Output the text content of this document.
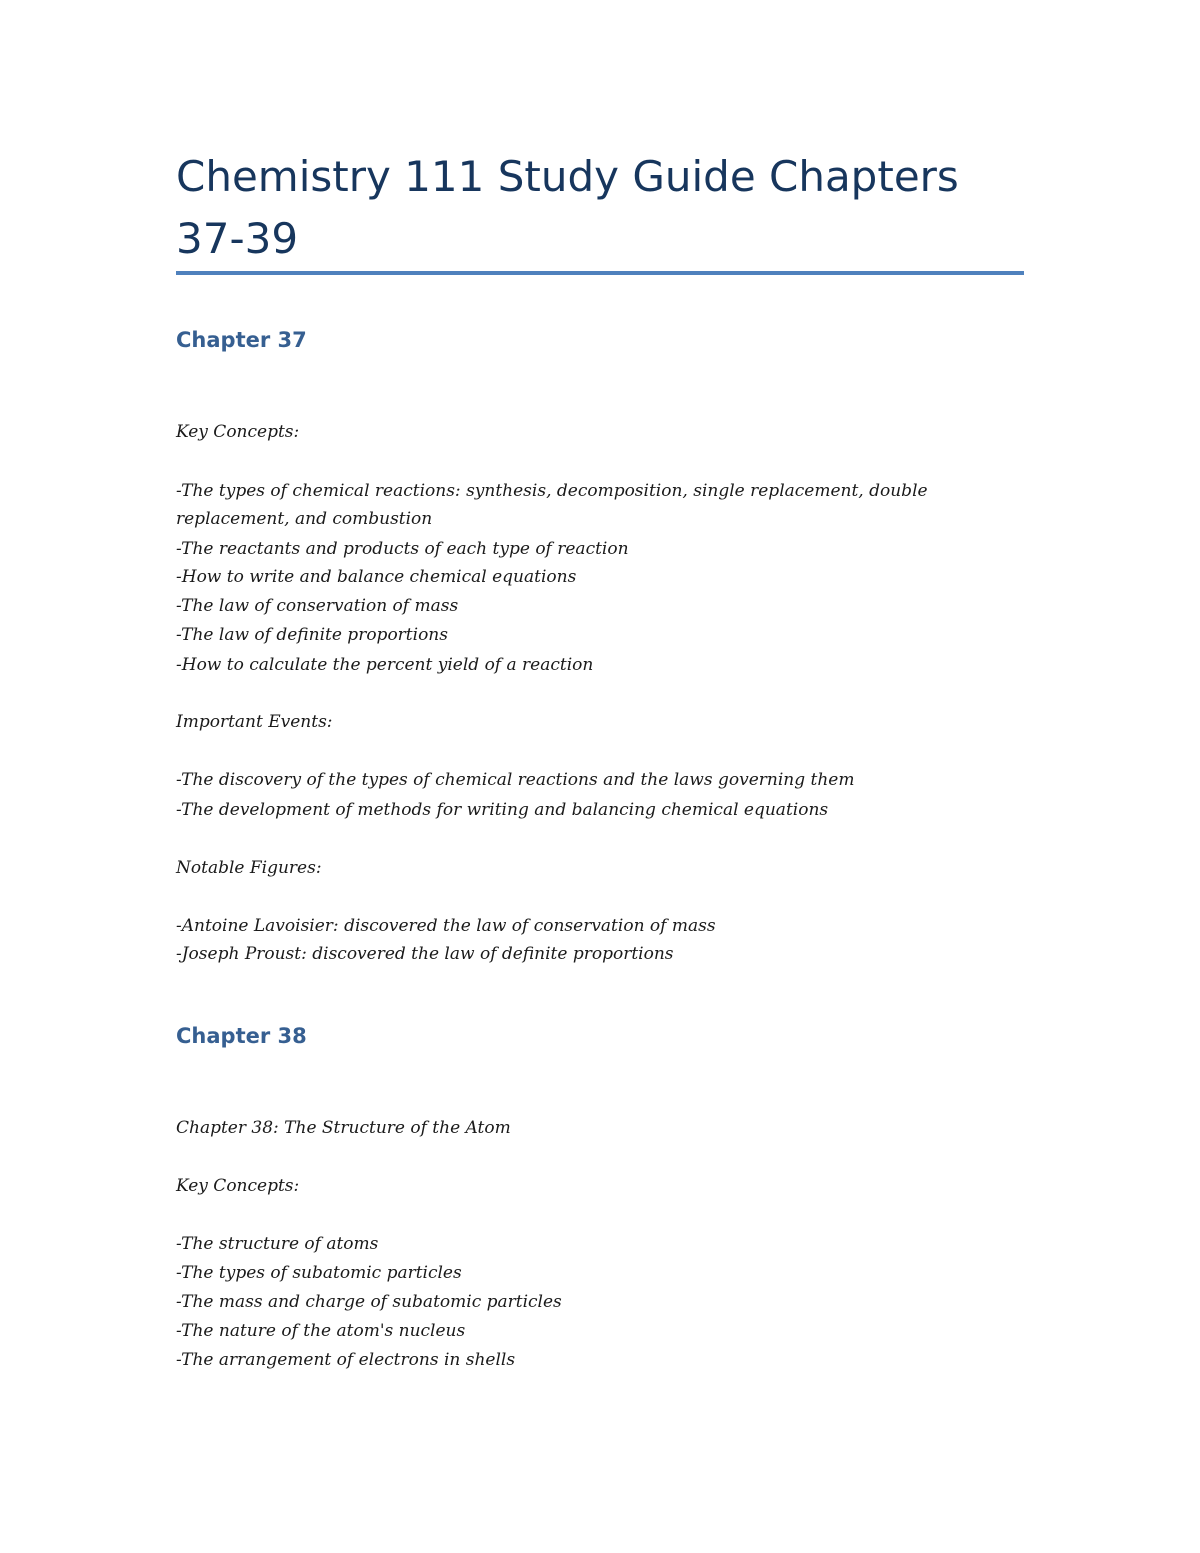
Chemistry 111 Study Guide Chapters 37-39
Chapter 37

Key Concepts:

-The types of chemical reactions: synthesis, decomposition, single replacement, double

replacement, and combustion

-The reactants and products of each type of reaction

-How to write and balance chemical equations

-The law of conservation of mass

-The law of definite proportions

-How to calculate the percent yield of a reaction

Important Events:

-The discovery of the types of chemical reactions and the laws governing them

-The development of methods for writing and balancing chemical equations

Notable Figures:

-Antoine Lavoisier: discovered the law of conservation of mass

-Joseph Proust: discovered the law of definite proportions

Chapter 38

Chapter 38: The Structure of the Atom

Key Concepts:

-The structure of atoms

-The types of subatomic particles

-The mass and charge of subatomic particles

-The nature of the atom's nucleus

-The arrangement of electrons in shells
